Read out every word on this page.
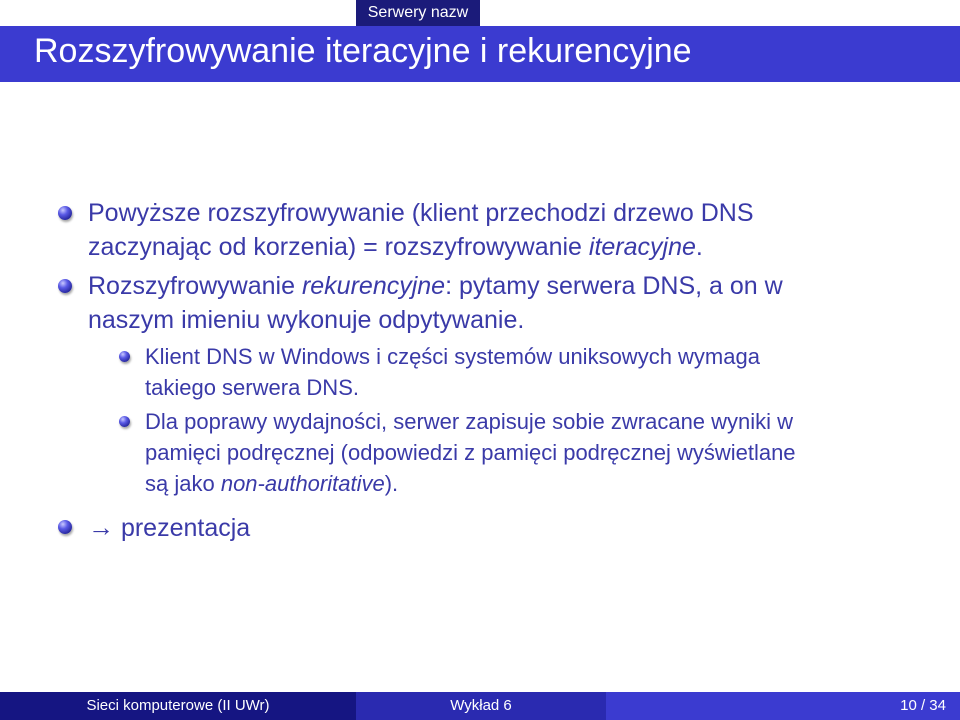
Serwery nazw
Rozszyfrowywanie iteracyjne i rekurencyjne
Powyższe rozszyfrowywanie (klient przechodzi drzewo DNS
zaczynając od korzenia) = rozszyfrowywanie iteracyjne.
Rozszyfrowywanie rekurencyjne: pytamy serwera DNS, a on w
naszym imieniu wykonuje odpytywanie.
Klient DNS w Windows i części systemów uniksowych wymaga
takiego serwera DNS.
Dla poprawy wydajności, serwer zapisuje sobie zwracane wyniki w
pamięci podręcznej (odpowiedzi z pamięci podręcznej wyświetlane
są jako non-authoritative).
→ prezentacja
Sieci komputerowe (II UWr)	Wykład 6	10 / 34
